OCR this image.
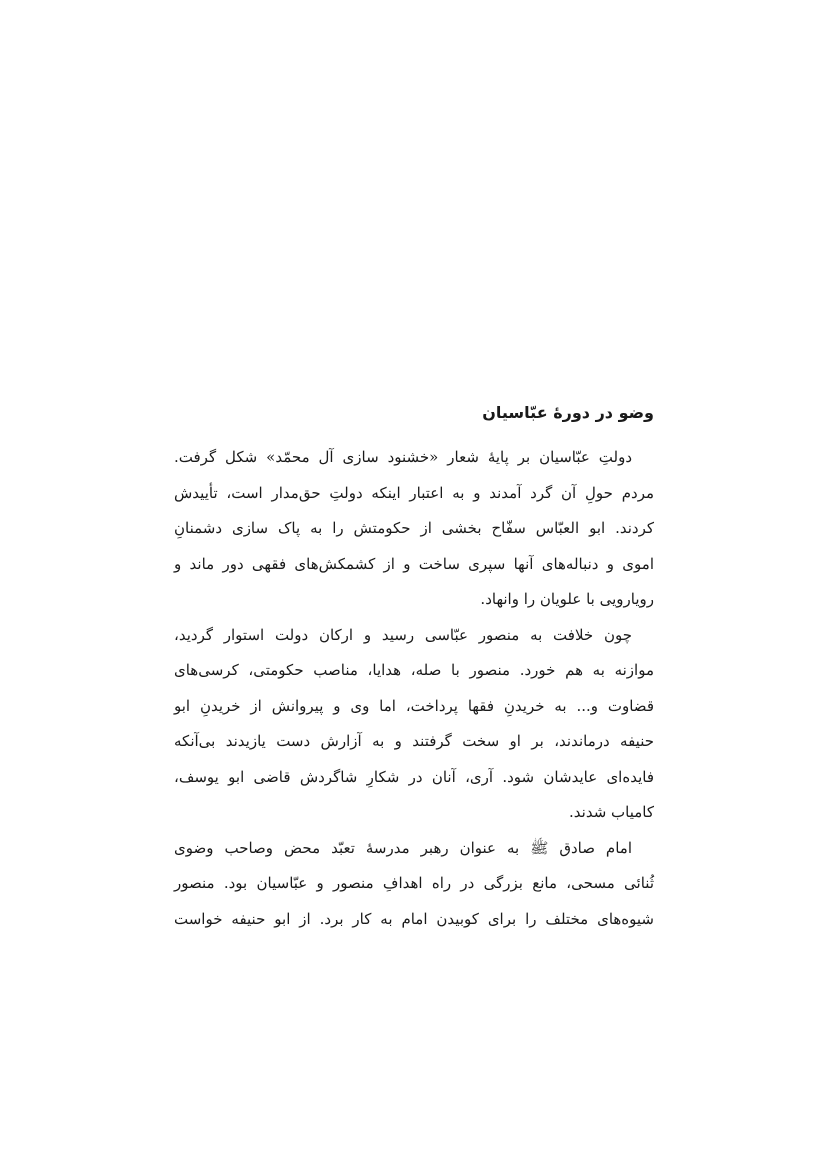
وضو در دورهٔ عبّاسیان

دولتِ عبّاسیان بر پایهٔ شعار «خشنود سازی آل محمّد» شکل گرفت.
مردم حولِ آن گرد آمدند و به اعتبار اینکه دولتِ حق‌مدار است، تأییدش
کردند. ابو العبّاس سفّاح بخشی از حکومتش را به پاک سازی دشمنانِ
اموی و دنباله‌های آنها سپری ساخت و از کشمکش‌های فقهی دور ماند و
رویارویی با علویان را وانهاد.

چون خلافت به منصور عبّاسی رسید و ارکان دولت استوار گردید،
موازنه به هم خورد. منصور با صله، هدایا، مناصب حکومتی، کرسی‌های
قضاوت و... به خریدنِ فقها پرداخت، اما وی و پیروانش از خریدنِ ابو
حنیفه درماندند، بر او سخت گرفتند و به آزارش دست یازیدند بی‌آنکه
فایده‌ای عایدشان شود. آری، آنان در شکارِ شاگردش قاضی ابو یوسف،
کامیاب شدند.

امام صادق ﷺ به عنوان رهبر مدرسهٔ تعبّد محض وصاحب وضوی
ثُنائی مسحی، مانع بزرگی در راه اهدافِ منصور و عبّاسیان بود. منصور
شیوه‌های مختلف را برای کوبیدن امام به کار برد. از ابو حنیفه خواست
